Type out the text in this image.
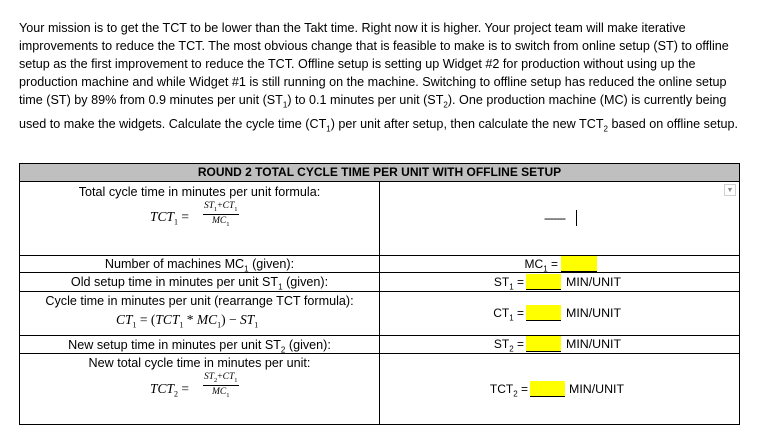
Your mission is to get the TCT to be lower than the Takt time. Right now it is higher. Your project team will make iterative improvements to reduce the TCT. The most obvious change that is feasible to make is to switch from online setup (ST) to offline setup as the first improvement to reduce the TCT. Offline setup is setting up Widget #2 for production without using up the production machine and while Widget #1 is still running on the machine. Switching to offline setup has reduced the online setup time (ST) by 89% from 0.9 minutes per unit $(ST_1)$ to 0.1 minutes per unit $(ST_2)$. One production machine (MC) is currently being used to make the widgets. Calculate the cycle time $(CT_1)$ per unit after setup, then calculate the new $TCT_2$ based on offline setup.

ROUND 2 TOTAL CYCLE TIME PER UNIT WITH OFFLINE SETUP
Total cycle time in minutes per unit formula:
$TCT_1 = \frac{ST_1+CT_1}{MC_1}$	-------
Number of machines $MC_1$ (given):	$MC_1$ =
Old setup time in minutes per unit $ST_1$ (given):	$ST_1$ =	MIN/UNIT
Cycle time in minutes per unit (rearrange TCT formula):
$CT_1 = (TCT_1 * MC_1) - ST_1$
$CT_1$ =	MIN/UNIT
New setup time in minutes per unit $ST_2$ (given):	$ST_2$ =	MIN/UNIT
New total cycle time in minutes per unit:
$TCT_2 = \frac{ST_2+CT_1}{MC_1}$	$TCT_2$ =	MIN/UNIT
▼
